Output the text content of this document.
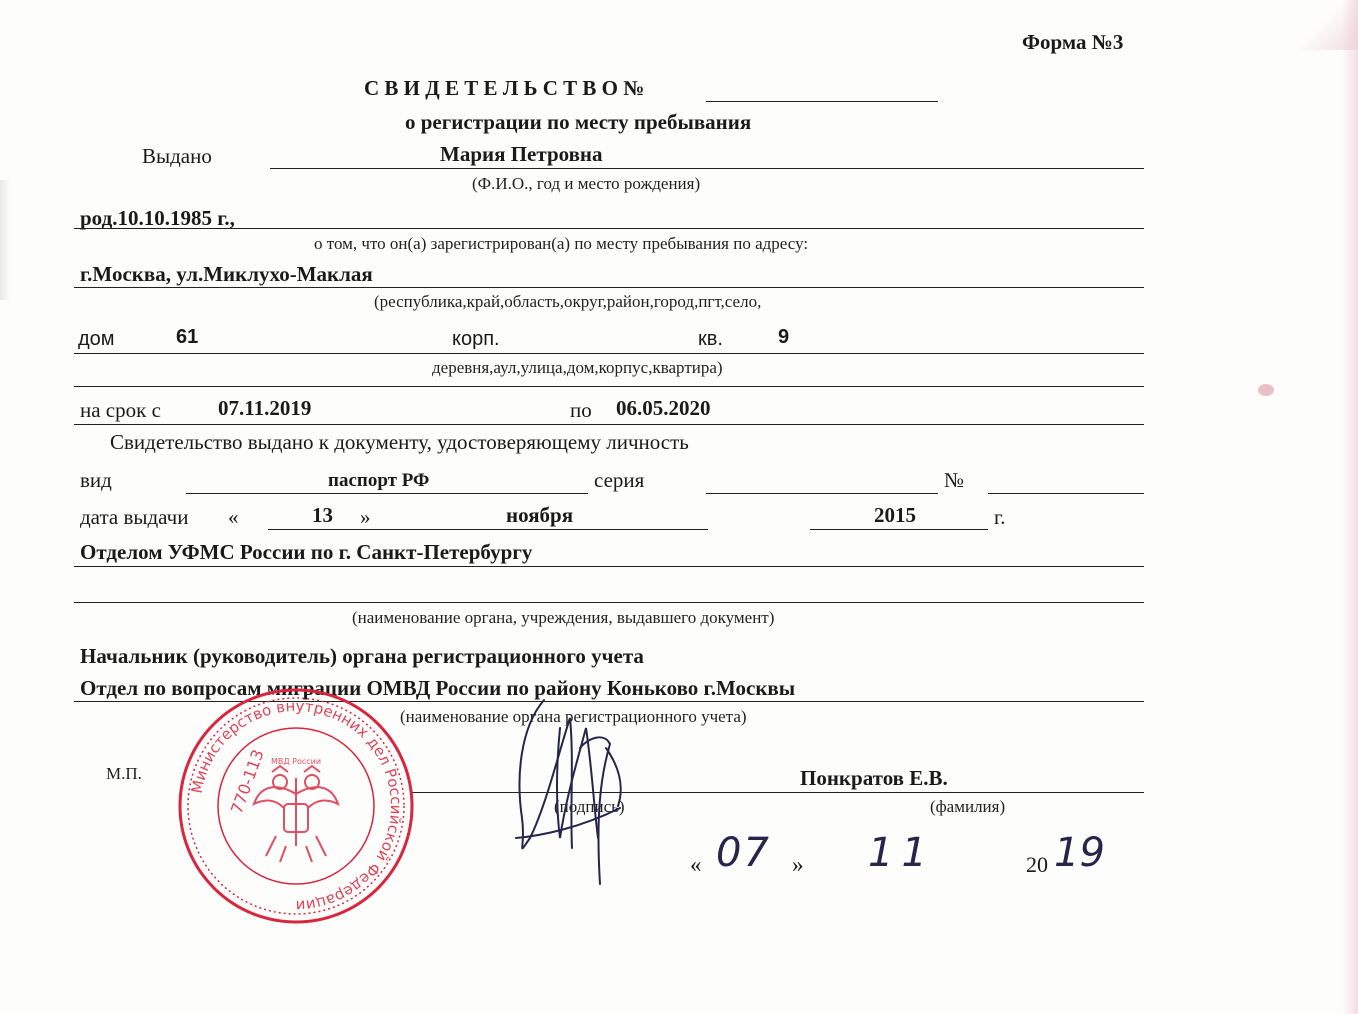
Форма №3
С В И Д Е Т Е Л Ь С Т В О №
о регистрации по месту пребывания
Выдано	Мария Петровна
(Ф.И.О., год и место рождения)
род.10.10.1985 г.,
о том, что он(а) зарегистрирован(а) по месту пребывания по адресу:
г.Москва, ул.Миклухо-Маклая
(республика,край,область,округ,район,город,пгт,село,
дом	61	корп.	кв.	9
деревня,аул,улица,дом,корпус,квартира)
на срок с	07.11.2019	по 06.05.2020
Свидетельство выдано к документу, удостоверяющему личность
вид	паспорт РФ	серия	№
дата выдачи «	13 »	ноября	2015	г.
Отделом УФМС России по г. Санкт-Петербургу
(наименование органа, учреждения, выдавшего документ)
Начальник (руководитель) органа регистрационного учета
Отдел по вопросам миграции ОМВД России по району Коньково г.Москвы
(наименование органа регистрационного учета)
М.П.	Понкратов Е.В.
(подпись)	(фамилия)
« 07 » 11	20 19
Министерство внутренних дел Российской Федерации
770-113 МВД России
